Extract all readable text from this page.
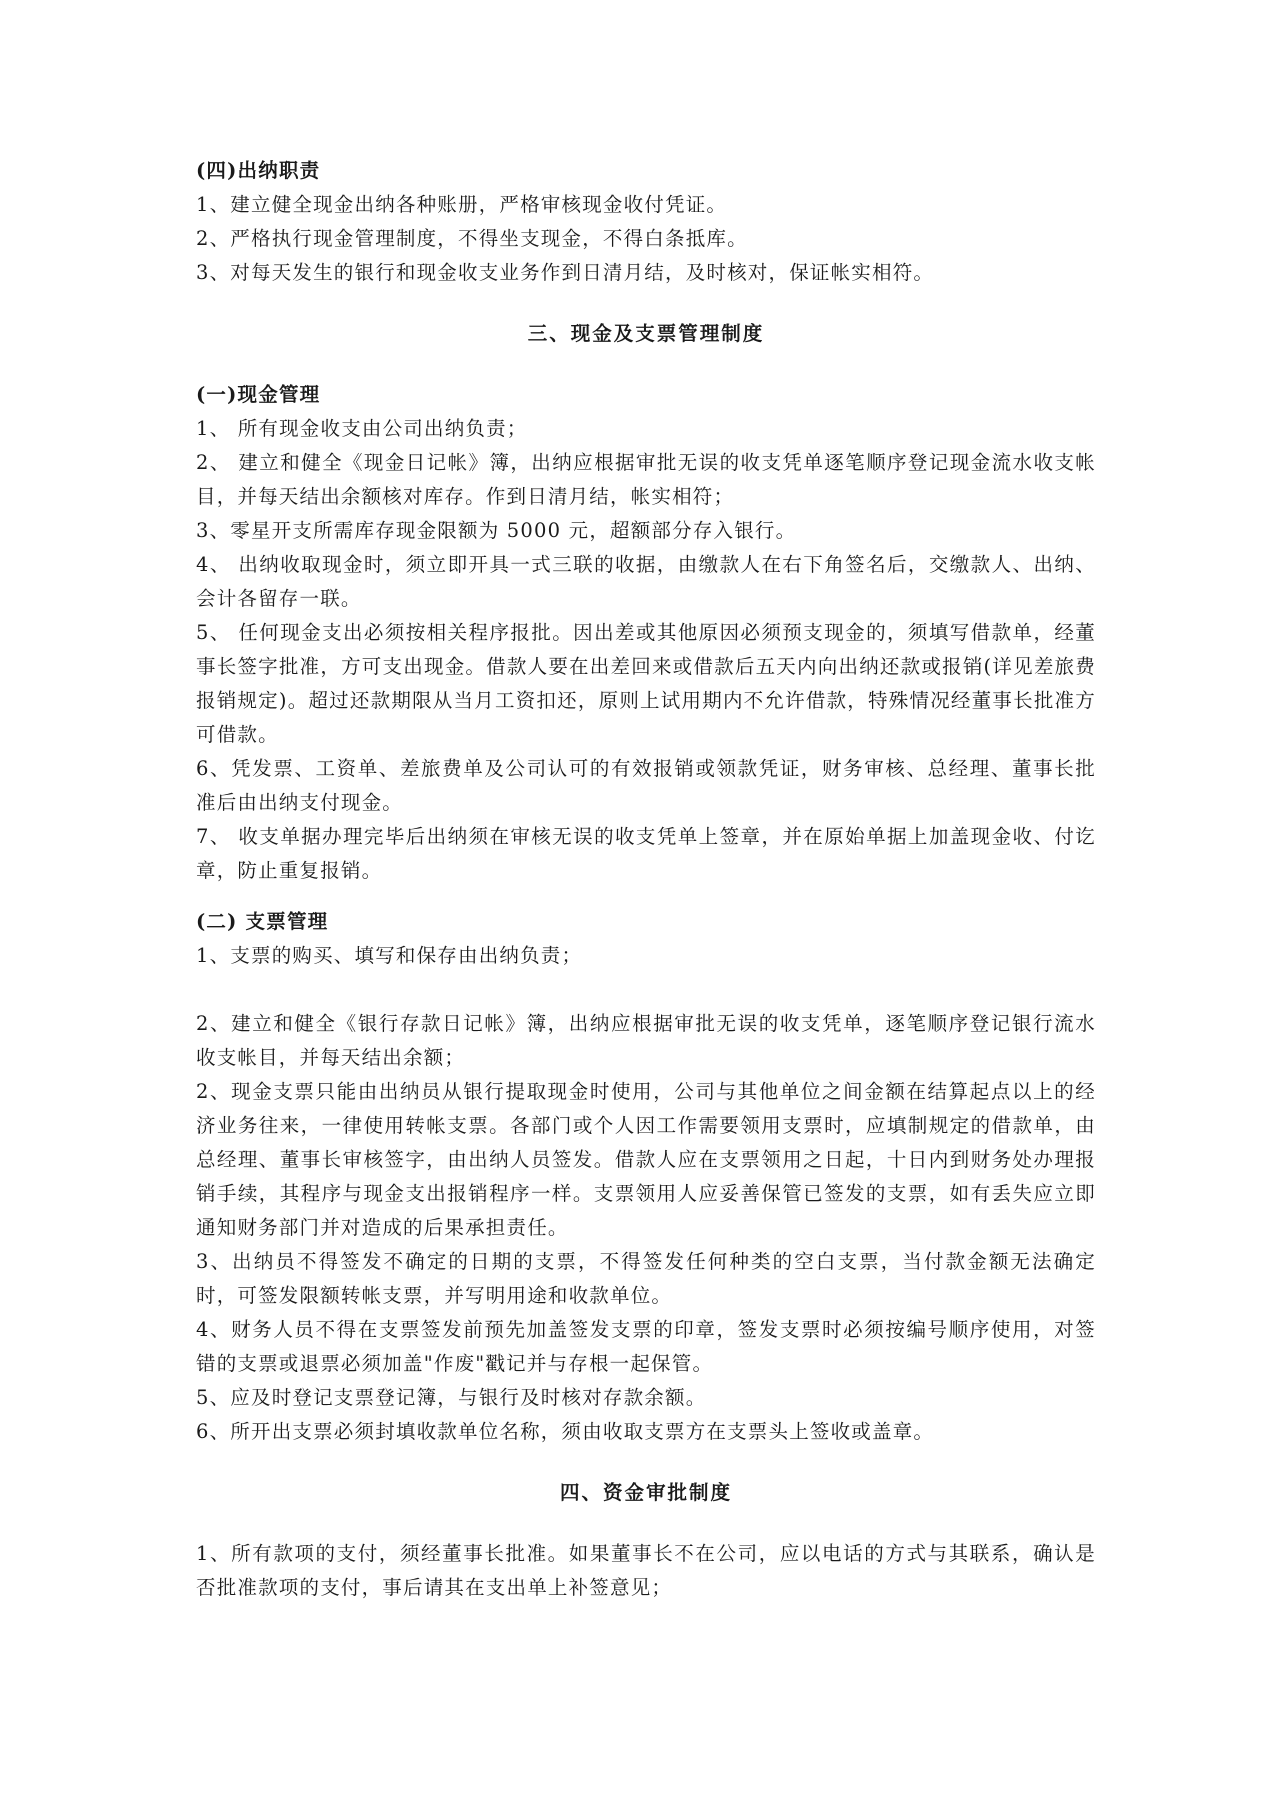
(四)出纳职责

1、建立健全现金出纳各种账册，严格审核现金收付凭证。

2、严格执行现金管理制度，不得坐支现金，不得白条抵库。

3、对每天发生的银行和现金收支业务作到日清月结，及时核对，保证帐实相符。

三、现金及支票管理制度

(一)现金管理

1、 所有现金收支由公司出纳负责；

2、 建立和健全《现金日记帐》簿，出纳应根据审批无误的收支凭单逐笔顺序登记现金流水收支帐目，并每天结出余额核对库存。作到日清月结，帐实相符；

3、零星开支所需库存现金限额为 5000 元，超额部分存入银行。

4、 出纳收取现金时，须立即开具一式三联的收据，由缴款人在右下角签名后，交缴款人、出纳、会计各留存一联。

5、 任何现金支出必须按相关程序报批。因出差或其他原因必须预支现金的，须填写借款单，经董事长签字批准，方可支出现金。借款人要在出差回来或借款后五天内向出纳还款或报销(详见差旅费报销规定)。超过还款期限从当月工资扣还，原则上试用期内不允许借款，特殊情况经董事长批准方可借款。

6、凭发票、工资单、差旅费单及公司认可的有效报销或领款凭证，财务审核、总经理、董事长批准后由出纳支付现金。

7、 收支单据办理完毕后出纳须在审核无误的收支凭单上签章，并在原始单据上加盖现金收、付讫章，防止重复报销。

(二) 支票管理

1、支票的购买、填写和保存由出纳负责；

2、建立和健全《银行存款日记帐》簿，出纳应根据审批无误的收支凭单，逐笔顺序登记银行流水收支帐目，并每天结出余额；

2、现金支票只能由出纳员从银行提取现金时使用，公司与其他单位之间金额在结算起点以上的经济业务往来，一律使用转帐支票。各部门或个人因工作需要领用支票时，应填制规定的借款单，由总经理、董事长审核签字，由出纳人员签发。借款人应在支票领用之日起，十日内到财务处办理报销手续，其程序与现金支出报销程序一样。支票领用人应妥善保管已签发的支票，如有丢失应立即通知财务部门并对造成的后果承担责任。

3、出纳员不得签发不确定的日期的支票，不得签发任何种类的空白支票，当付款金额无法确定时，可签发限额转帐支票，并写明用途和收款单位。

4、财务人员不得在支票签发前预先加盖签发支票的印章，签发支票时必须按编号顺序使用，对签错的支票或退票必须加盖"作废"戳记并与存根一起保管。

5、应及时登记支票登记簿，与银行及时核对存款余额。

6、所开出支票必须封填收款单位名称，须由收取支票方在支票头上签收或盖章。

四、资金审批制度

1、所有款项的支付，须经董事长批准。如果董事长不在公司，应以电话的方式与其联系，确认是否批准款项的支付，事后请其在支出单上补签意见；
